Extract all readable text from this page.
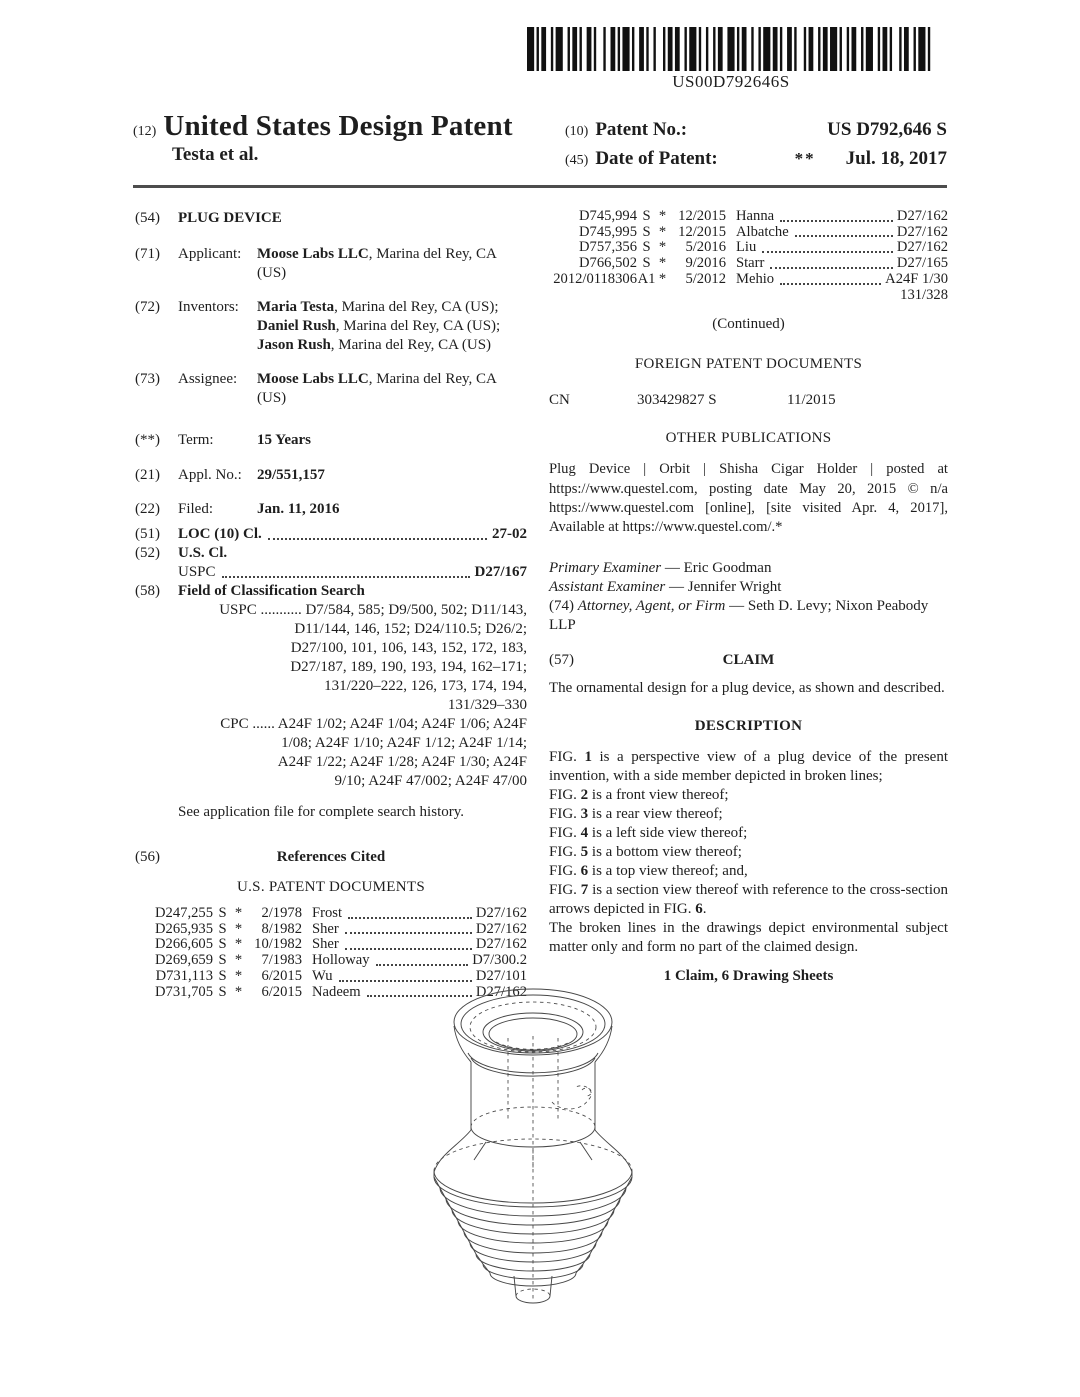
US00D792646S
(12) United States Design Patent
Testa et al.
(10) Patent No.:	US D792,646 S
(45) Date of Patent:	** Jul. 18, 2017
(54)	PLUG DEVICE
(71)	Applicant:	Moose Labs LLC, Marina del Rey, CA (US)
(72)	Inventors:	Maria Testa, Marina del Rey, CA (US); Daniel Rush, Marina del Rey, CA (US); Jason Rush, Marina del Rey, CA (US)
(73)	Assignee:	Moose Labs LLC, Marina del Rey, CA (US)
(**)	Term:	15 Years
(21)	Appl. No.:	29/551,157
(22)	Filed:	Jan. 11, 2016
(51)	LOC (10) Cl.	27-02
(52)	U.S. Cl.
USPC	D27/167
(58)	Field of Classification Search
USPC ........... D7/584, 585; D9/500, 502; D11/143,
D11/144, 146, 152; D24/110.5; D26/2;
D27/100, 101, 106, 143, 152, 172, 183,
D27/187, 189, 190, 193, 194, 162–171;
131/220–222, 126, 173, 174, 194,
131/329–330
CPC ...... A24F 1/02; A24F 1/04; A24F 1/06; A24F
1/08; A24F 1/10; A24F 1/12; A24F 1/14;
A24F 1/22; A24F 1/28; A24F 1/30; A24F
9/10; A24F 47/002; A24F 47/00
See application file for complete search history.
(56)	References Cited
U.S. PATENT DOCUMENTS
D247,255 S *	2/1978 Frost	D27/162
D265,935 S *	8/1982 Sher	D27/162
D266,605 S * 10/1982 Sher	D27/162
D269,659 S *	7/1983 Holloway	D7/300.2
D731,113 S *	6/2015 Wu	D27/101
D731,705 S *	6/2015 Nadeem	D27/162
D745,994 S * 12/2015 Hanna	D27/162
D745,995 S * 12/2015 Albatche	D27/162
D757,356 S *	5/2016 Liu	D27/162
D766,502 S *	9/2016 Starr	D27/165
2012/0118306 A1 *	5/2012 Mehio	A24F 1/30
131/328
(Continued)
FOREIGN PATENT DOCUMENTS
CN	303429827 S	11/2015
OTHER PUBLICATIONS
Plug Device | Orbit | Shisha Cigar Holder | posted at https://www.questel.com, posting date May 20, 2015 © n/a https://www.questel.com [online], [site visited Apr. 4, 2017], Available at https://www.questel.com/.*
Primary Examiner — Eric Goodman
Assistant Examiner — Jennifer Wright
(74) Attorney, Agent, or Firm — Seth D. Levy; Nixon Peabody LLP
(57)	CLAIM
The ornamental design for a plug device, as shown and described.
DESCRIPTION
FIG. 1 is a perspective view of a plug device of the present invention, with a side member depicted in broken lines;
FIG. 2 is a front view thereof;
FIG. 3 is a rear view thereof;
FIG. 4 is a left side view thereof;
FIG. 5 is a bottom view thereof;
FIG. 6 is a top view thereof; and,
FIG. 7 is a section view thereof with reference to the cross-section arrows depicted in FIG. 6.
The broken lines in the drawings depict environmental subject matter only and form no part of the claimed design.
1 Claim, 6 Drawing Sheets
